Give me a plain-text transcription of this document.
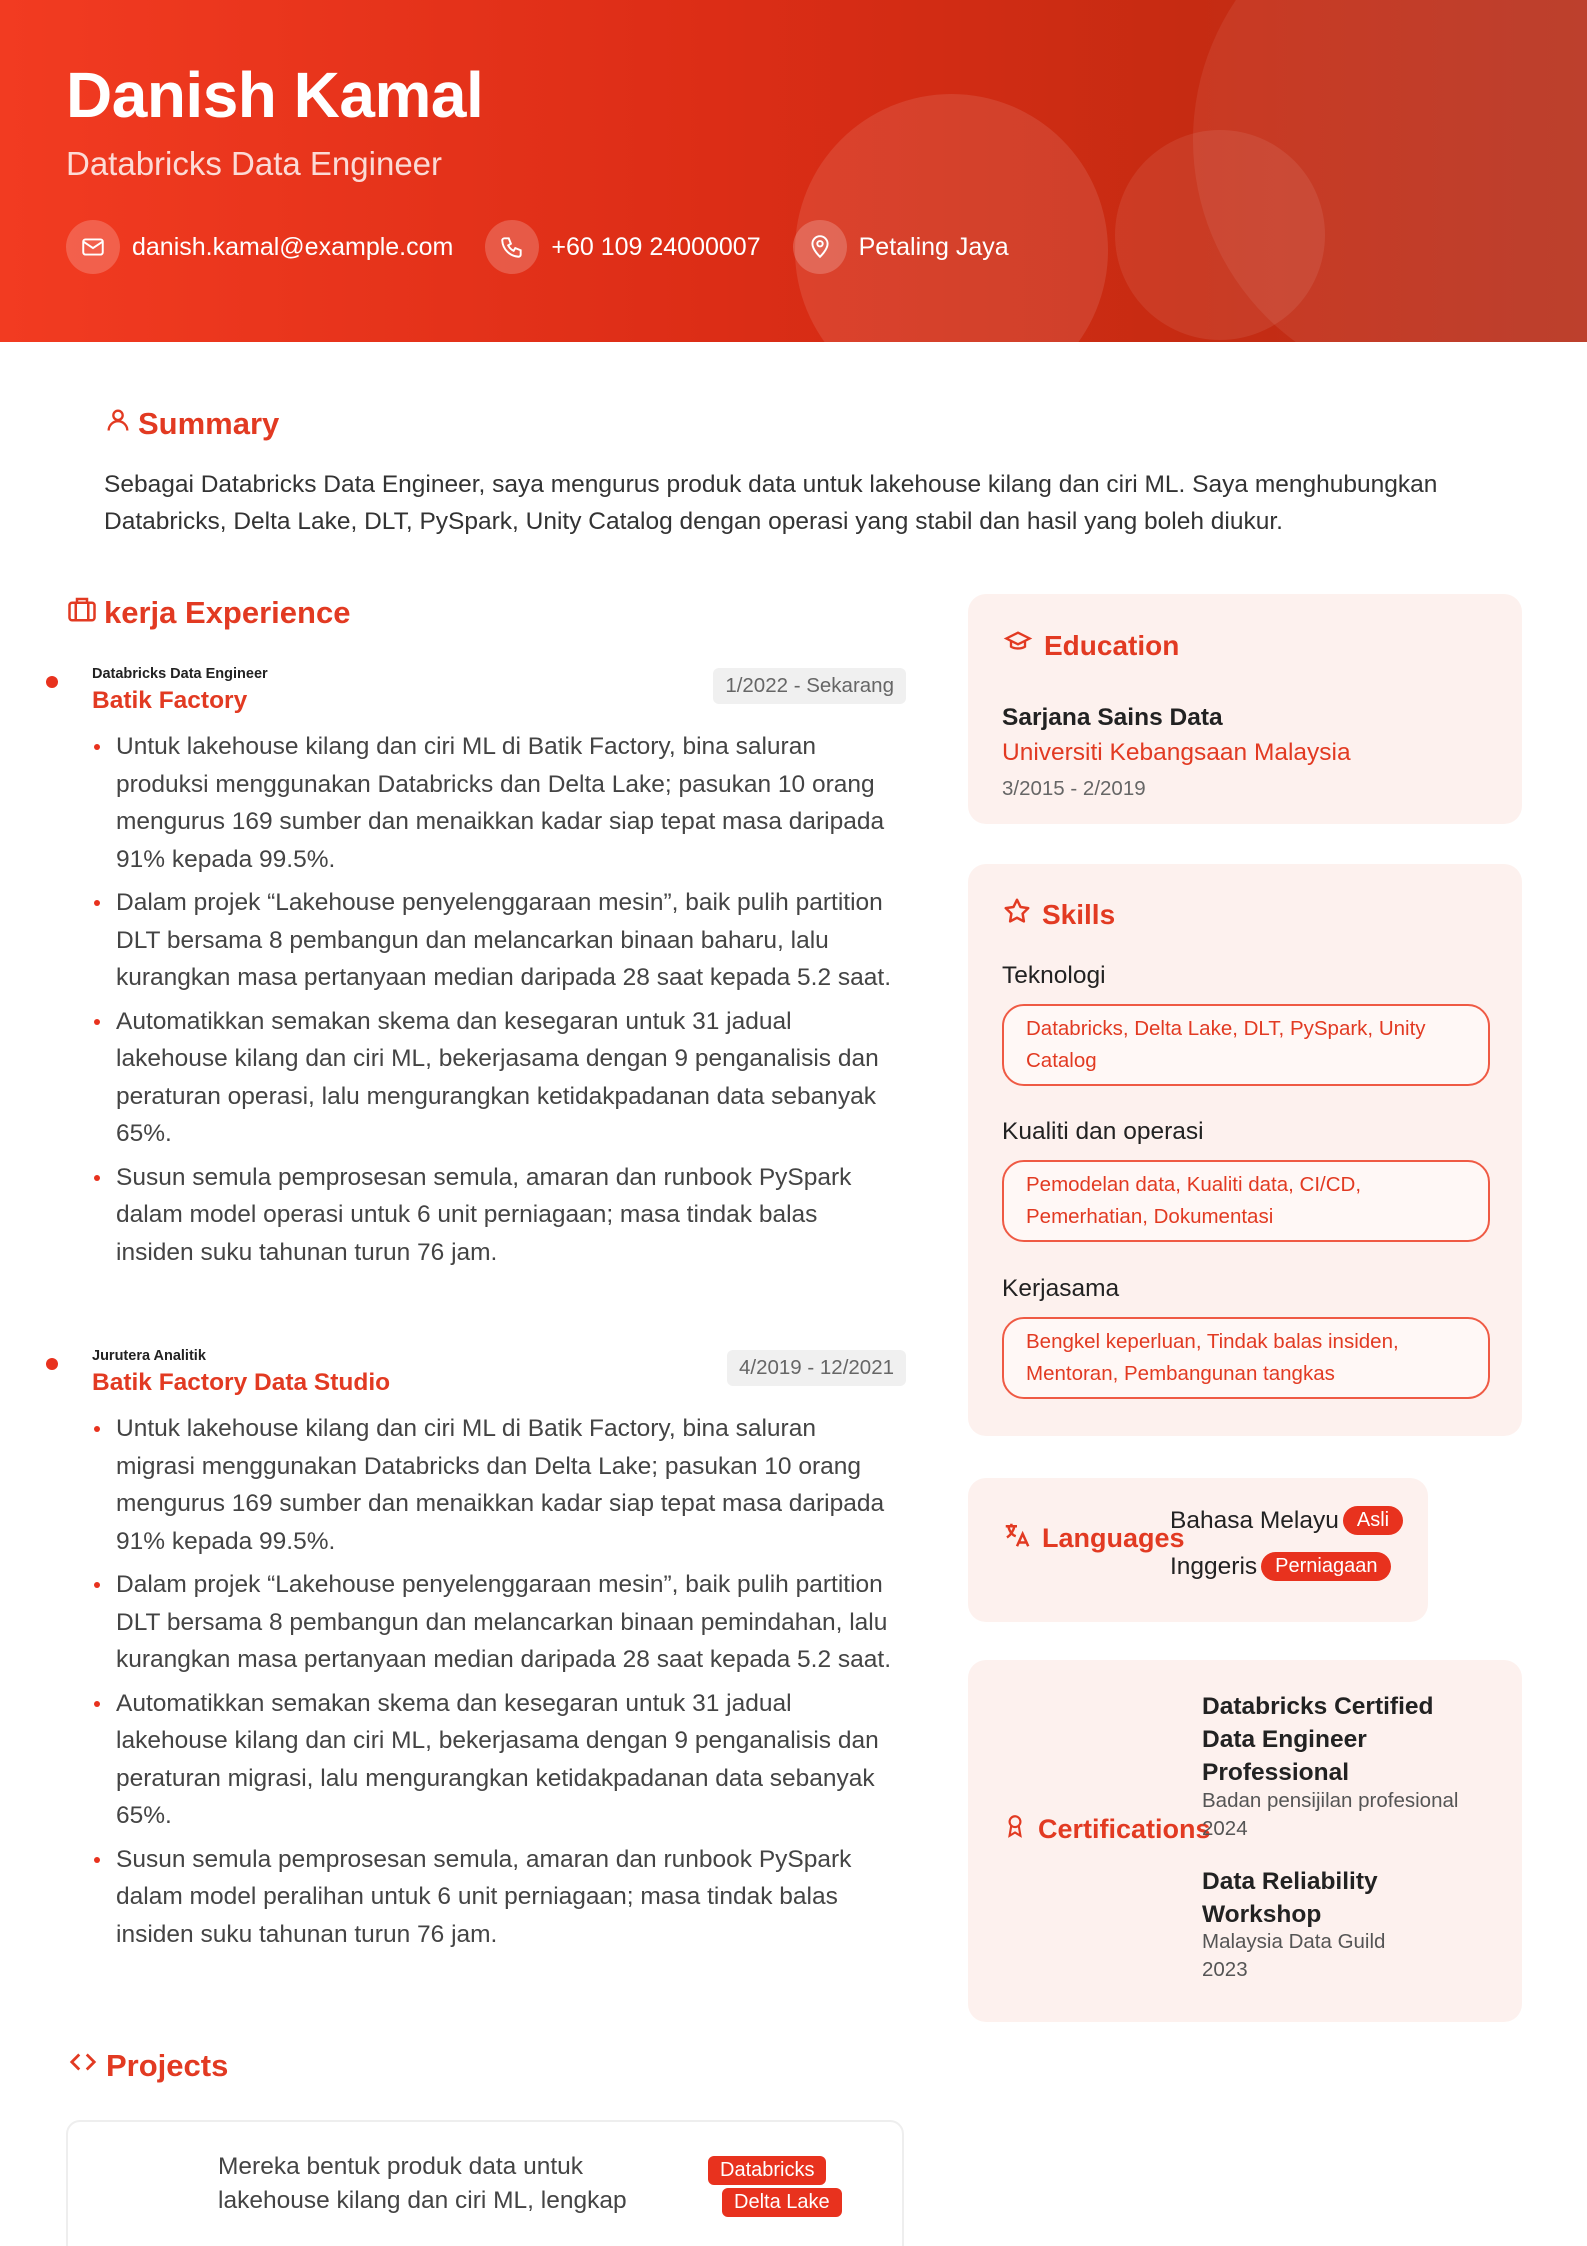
Danish Kamal
Databricks Data Engineer
danish.kamal@example.com	+60 109 24000007	Petaling Jaya
Summary
Sebagai Databricks Data Engineer, saya mengurus produk data untuk lakehouse kilang dan ciri ML. Saya menghubungkan Databricks, Delta Lake, DLT, PySpark, Unity Catalog dengan operasi yang stabil dan hasil yang boleh diukur.
kerja Experience
Databricks Data Engineer
Batik Factory
1/2022 - Sekarang
Untuk lakehouse kilang dan ciri ML di Batik Factory, bina saluran produksi menggunakan Databricks dan Delta Lake; pasukan 10 orang mengurus 169 sumber dan menaikkan kadar siap tepat masa daripada 91% kepada 99.5%.
Dalam projek “Lakehouse penyelenggaraan mesin”, baik pulih partition DLT bersama 8 pembangun dan melancarkan binaan baharu, lalu kurangkan masa pertanyaan median daripada 28 saat kepada 5.2 saat.
Automatikkan semakan skema dan kesegaran untuk 31 jadual lakehouse kilang dan ciri ML, bekerjasama dengan 9 penganalisis dan peraturan operasi, lalu mengurangkan ketidakpadanan data sebanyak 65%.
Susun semula pemprosesan semula, amaran dan runbook PySpark dalam model operasi untuk 6 unit perniagaan; masa tindak balas insiden suku tahunan turun 76 jam.
Jurutera Analitik
Batik Factory Data Studio
4/2019 - 12/2021
Untuk lakehouse kilang dan ciri ML di Batik Factory, bina saluran migrasi menggunakan Databricks dan Delta Lake; pasukan 10 orang mengurus 169 sumber dan menaikkan kadar siap tepat masa daripada 91% kepada 99.5%.
Dalam projek “Lakehouse penyelenggaraan mesin”, baik pulih partition DLT bersama 8 pembangun dan melancarkan binaan pemindahan, lalu kurangkan masa pertanyaan median daripada 28 saat kepada 5.2 saat.
Automatikkan semakan skema dan kesegaran untuk 31 jadual lakehouse kilang dan ciri ML, bekerjasama dengan 9 penganalisis dan peraturan migrasi, lalu mengurangkan ketidakpadanan data sebanyak 65%.
Susun semula pemprosesan semula, amaran dan runbook PySpark dalam model peralihan untuk 6 unit perniagaan; masa tindak balas insiden suku tahunan turun 76 jam.
Projects
Mereka bentuk produk data untuk lakehouse kilang dan ciri ML, lengkap
Databricks
Delta Lake
Education
Sarjana Sains Data
Universiti Kebangsaan Malaysia
3/2015 - 2/2019
Skills
Teknologi
Databricks, Delta Lake, DLT, PySpark, Unity Catalog
Kualiti dan operasi
Pemodelan data, Kualiti data, CI/CD, Pemerhatian, Dokumentasi
Kerjasama
Bengkel keperluan, Tindak balas insiden, Mentoran, Pembangunan tangkas
Languages
Bahasa Melayu Asli
Inggeris Perniagaan
Certifications
Databricks Certified Data Engineer Professional
Badan pensijilan profesional
2024
Data Reliability Workshop
Malaysia Data Guild
2023
